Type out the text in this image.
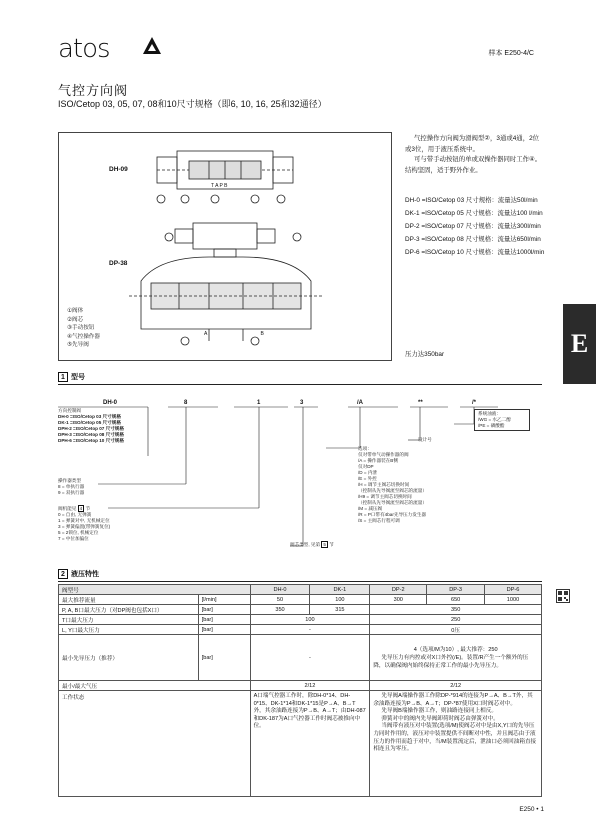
atos	样本 E250-4/C
气控方向阀
ISO/Cetop 03, 05, 07, 08和10尺寸规格（即6, 10, 16, 25和32通径）
DH-09
DP-38
T A P B
A B
①阀体
②阀芯
③手动按钮
④气控操作器
⑤先导阀
气控操作方向阀为滑阀型②，3通或4通，2位或3位，用于液压系统中。
可与带手动按钮的单或双操作器同时工作④。结构坚固，适于野外作业。
DH-0 =ISO/Cetop 03 尺寸规格：流量达50l/min
DK-1 =ISO/Cetop 05 尺寸规格：流量达100 l/min
DP-2 =ISO/Cetop 07 尺寸规格：流量达300l/min
DP-3 =ISO/Cetop 08 尺寸规格：流量达650l/min
DP-6 =ISO/Cetop 10 尺寸规格：流量达1000l/min
压力达350bar	E
1 型号
DH-0	8	1	3	/A	**	/*
方向控制阀
DH-0 =ISO/Cetop 03 尺寸规格
DK-1 =ISO/Cetop 05 尺寸规格
DPH-2 =ISO/Cetop 07 尺寸规格
DPH-3 =ISO/Cetop 08 尺寸规格
DPH-6 =ISO/Cetop 10 尺寸规格
操作器类型
8 = 单执行器
9 = 双执行器
阀机能见 4 节
0 = 自由, 无弹簧
1 = 弹簧对中, 无机械定位
3 = 弹簧偏置(带弹簧复位)
5 = 2锁位, 机械定位
7 = 中位加偏位
系统油液：
/WG = 水乙二醇
/PE = 磷酸酯
设计号
选项：
仅对带单气动操作器的阀
/A = 操作器装在B侧
仅对DP
/D = 内泄
/E = 外控
/H = 调节主阀芯切换时间
（控制从先导阀流至阀芯的流量）
/H9 = 调节主阀芯切换时间
（控制从先导阀流至阀芯的流量）
/M = 减压阀
/R = P口带有4bar先导压力发生器
/S = 主阀芯行程可调
阀芯类型, 见第 5 节
2 液压特性
阀型号		DH-0	DK-1	DP-2	DP-3	DP-6
最大推荐流量	[l/min]	50	100	300	650	1000
P, A, B口最大压力（对DP阀也包括X口）	[bar]	350	315	350		
T口最大压力	[bar]	100		250		
L, Y口最大压力	[bar]	-		0压		
最小先导压力（推荐）	[bar]	-		4（选项/M为10）, 最大推荐：250
先导压力有内控或对X口外控(/E)。装置/R产生一个额外的压降，以确保阀内始终保持正常工作的最小先导压力。		

最小/最大气压		2/12		2/12		
工作状态		A口端气控器工作时，除DH-0*14、DH-0*15、DK-1*14和DK-1*15是P→A、B→T外，其余油路连接为P→B、A→T；由DH-087和DK-187为A口气控器工作时阀芯被推向中位。		先导阀A端操作器工作除DP-*914的连接为P→A、B→T外，其余油路连接为P→B、A→T；DP-*87使用X口时阀芯对中。
先导阀B端操作器工作，则油路连接同上相反。
弹簧对中的阀内先导阀卸荷时阀芯由弹簧对中。
当阀带有液压对中装置(选项/M)使阀芯对中是由X,Y口的先导压力同时作用的，液压对中装置提供不间断对中性，并且阀芯由于液压力的作用而趋于对中，当/M装置流定后，泄油口必须回油箱直接相连且为零压。		
E250 • 1
